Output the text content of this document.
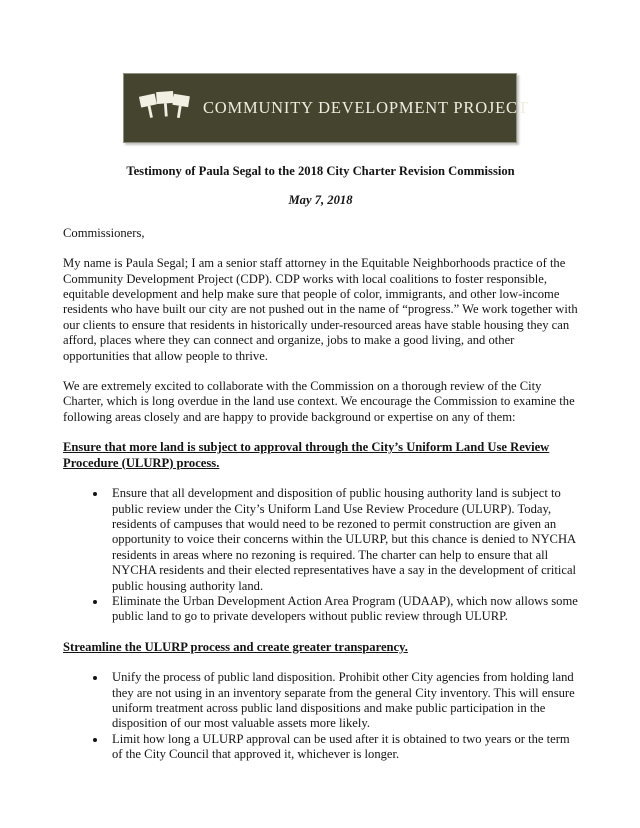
COMMUNITY DEVELOPMENT PROJECT
Testimony of Paula Segal to the 2018 City Charter Revision Commission
May 7, 2018

Commissioners,

My name is Paula Segal; I am a senior staff attorney in the Equitable Neighborhoods practice of the Community Development Project (CDP). CDP works with local coalitions to foster responsible, equitable development and help make sure that people of color, immigrants, and other low-income residents who have built our city are not pushed out in the name of “progress.” We work together with our clients to ensure that residents in historically under-resourced areas have stable housing they can afford, places where they can connect and organize, jobs to make a good living, and other opportunities that allow people to thrive.

We are extremely excited to collaborate with the Commission on a thorough review of the City Charter, which is long overdue in the land use context. We encourage the Commission to examine the following areas closely and are happy to provide background or expertise on any of them:

Ensure that more land is subject to approval through the City’s Uniform Land Use Review Procedure (ULURP) process.
• Ensure that all development and disposition of public housing authority land is subject to public review under the City’s Uniform Land Use Review Procedure (ULURP). Today, residents of campuses that would need to be rezoned to permit construction are given an opportunity to voice their concerns within the ULURP, but this chance is denied to NYCHA residents in areas where no rezoning is required. The charter can help to ensure that all NYCHA residents and their elected representatives have a say in the development of critical public housing authority land.
• Eliminate the Urban Development Action Area Program (UDAAP), which now allows some public land to go to private developers without public review through ULURP.
Streamline the ULURP process and create greater transparency.
• Unify the process of public land disposition. Prohibit other City agencies from holding land they are not using in an inventory separate from the general City inventory. This will ensure uniform treatment across public land dispositions and make public participation in the disposition of our most valuable assets more likely.
• Limit how long a ULURP approval can be used after it is obtained to two years or the term of the City Council that approved it, whichever is longer.
